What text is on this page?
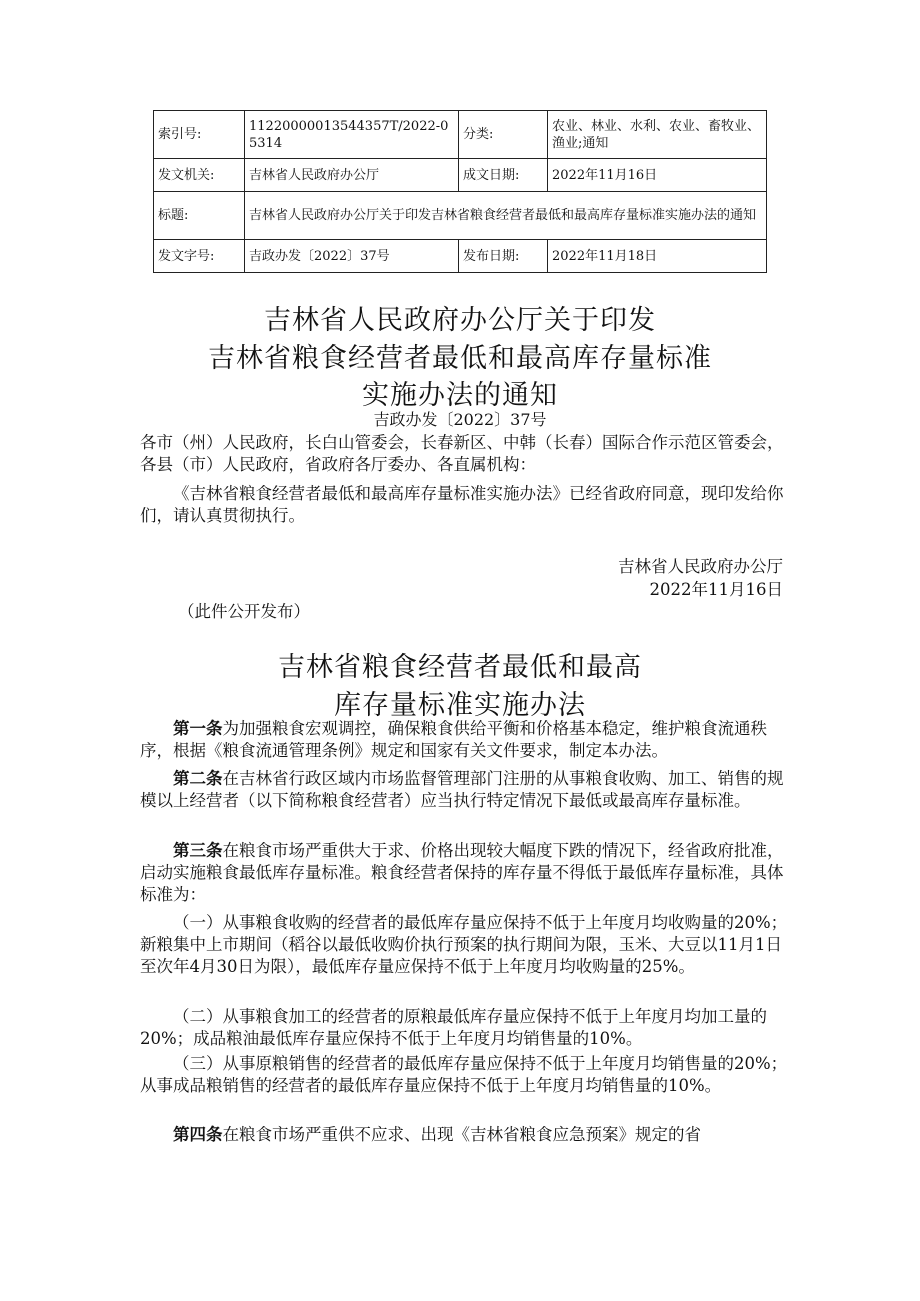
索引号:	11220000013544357T/2022-05314	分类:	农业、林业、水利、农业、畜牧业、渔业;通知
发文机关:	吉林省人民政府办公厅	成文日期:	2022年11月16日
标题:	吉林省人民政府办公厅关于印发吉林省粮食经营者最低和最高库存量标准实施办法的通知		
发文字号:	吉政办发〔2022〕37号	发布日期:	2022年11月18日
吉林省人民政府办公厅关于印发
吉林省粮食经营者最低和最高库存量标准
实施办法的通知
吉政办发〔2022〕37号
各市（州）人民政府，长白山管委会，长春新区、中韩（长春）国际合作示范区管委会，各县（市）人民政府，省政府各厅委办、各直属机构：
《吉林省粮食经营者最低和最高库存量标准实施办法》已经省政府同意，现印发给你们，请认真贯彻执行。
吉林省人民政府办公厅
2022年11月16日
（此件公开发布）
吉林省粮食经营者最低和最高
库存量标准实施办法
第一条为加强粮食宏观调控，确保粮食供给平衡和价格基本稳定，维护粮食流通秩序，根据《粮食流通管理条例》规定和国家有关文件要求，制定本办法。
第二条在吉林省行政区域内市场监督管理部门注册的从事粮食收购、加工、销售的规模以上经营者（以下简称粮食经营者）应当执行特定情况下最低或最高库存量标准。
第三条在粮食市场严重供大于求、价格出现较大幅度下跌的情况下，经省政府批准，启动实施粮食最低库存量标准。粮食经营者保持的库存量不得低于最低库存量标准，具体标准为：
（一）从事粮食收购的经营者的最低库存量应保持不低于上年度月均收购量的20%；新粮集中上市期间（稻谷以最低收购价执行预案的执行期间为限，玉米、大豆以11月1日至次年4月30日为限），最低库存量应保持不低于上年度月均收购量的25%。
（二）从事粮食加工的经营者的原粮最低库存量应保持不低于上年度月均加工量的20%；成品粮油最低库存量应保持不低于上年度月均销售量的10%。
（三）从事原粮销售的经营者的最低库存量应保持不低于上年度月均销售量的20%；从事成品粮销售的经营者的最低库存量应保持不低于上年度月均销售量的10%。
第四条在粮食市场严重供不应求、出现《吉林省粮食应急预案》规定的省
